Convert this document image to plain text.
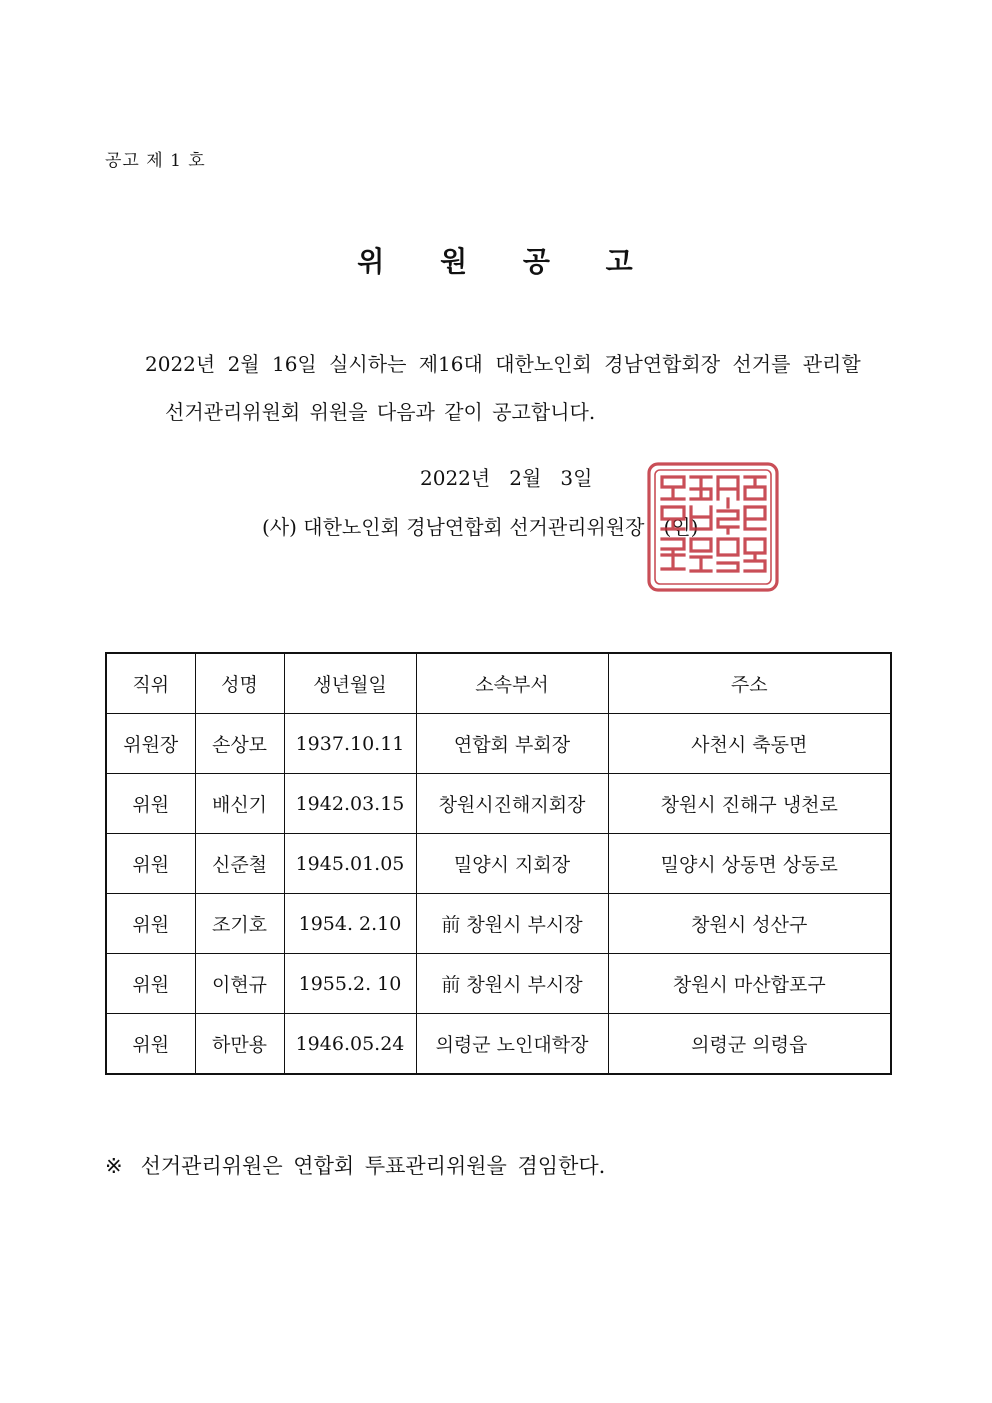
공고 제 1 호
위 원 공 고
2022년 2월 16일 실시하는 제16대 대한노인회 경남연합회장 선거를 관리할
선거관리위원회 위원을 다음과 같이 공고합니다.
2022년   2월   3일
(사) 대한노인회 경남연합회 선거관리위원장   (인)
직위	성명	생년월일	소속부서	주소
위원장	손상모	1937.10.11	연합회 부회장	사천시 축동면
위원	배신기	1942.03.15	창원시진해지회장	창원시 진해구 냉천로
위원	신준철	1945.01.05	밀양시 지회장	밀양시 상동면 상동로
위원	조기호	1954. 2.10	前 창원시 부시장	창원시 성산구
위원	이현규	1955.2. 10	前 창원시 부시장	창원시 마산합포구
위원	하만용	1946.05.24	의령군 노인대학장	의령군 의령읍
※ 선거관리위원은 연합회 투표관리위원을 겸임한다.
